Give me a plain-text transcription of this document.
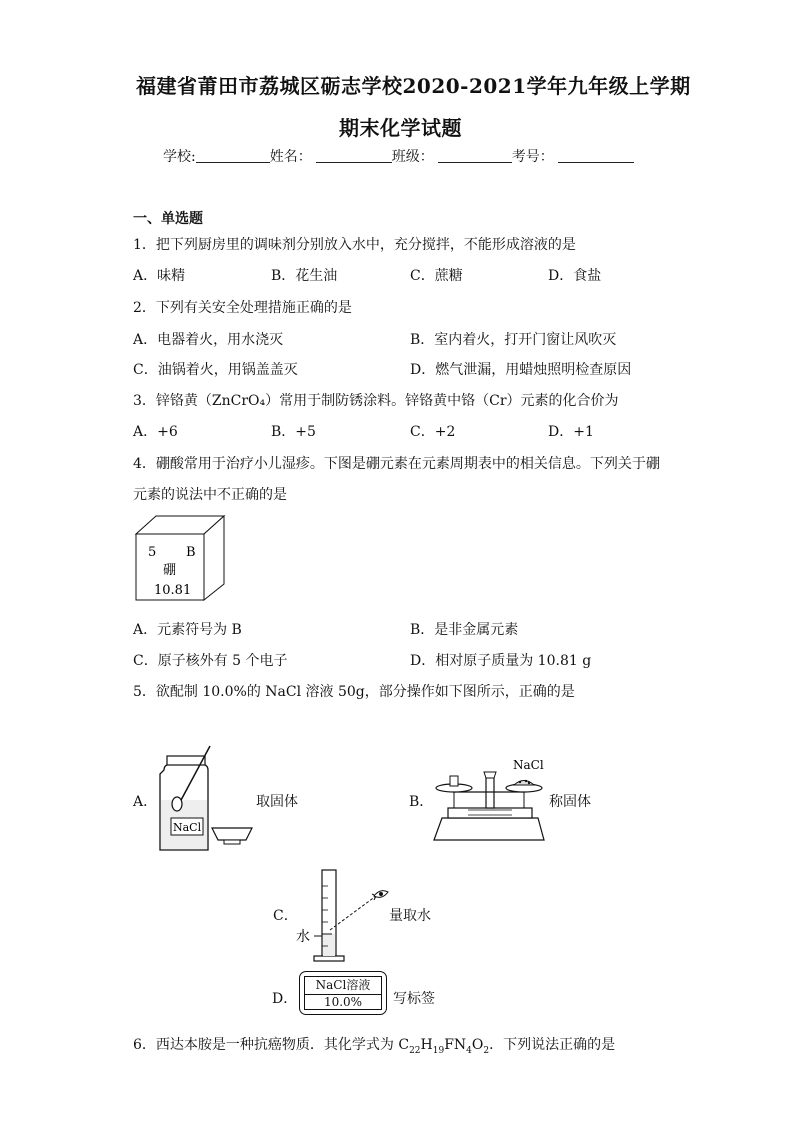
福建省莆田市荔城区砺志学校2020-2021学年九年级上学期
期末化学试题
学校:	姓名：	班级：	考号：
一、单选题
1．把下列厨房里的调味剂分别放入水中，充分搅拌，不能形成溶液的是
A．味精	B．花生油	C．蔗糖	D．食盐
2．下列有关安全处理措施正确的是
A．电器着火，用水浇灭	B．室内着火，打开门窗让风吹灭
C．油锅着火，用锅盖盖灭	D．燃气泄漏，用蜡烛照明检查原因
3．锌铬黄（ZnCrO₄）常用于制防锈涂料。锌铬黄中铬（Cr）元素的化合价为
A．+6	B．+5	C．+2	D．+1
4．硼酸常用于治疗小儿湿疹。下图是硼元素在元素周期表中的相关信息。下列关于硼
元素的说法中不正确的是
5 B
硼
10.81
A．元素符号为 B	B．是非金属元素
C．原子核外有 5 个电子	D．相对原子质量为 10.81 g
5．欲配制 10.0%的 NaCl 溶液 50g，部分操作如下图所示，正确的是
A．
NaCl
取固体	B．
NaCl
称固体
C．
水
量取水
D．
NaCl溶液
10.0%	写标签
6．西达本胺是一种抗癌物质．其化学式为 $C_{22}H_{19}FN_4O_2$．下列说法正确的是
